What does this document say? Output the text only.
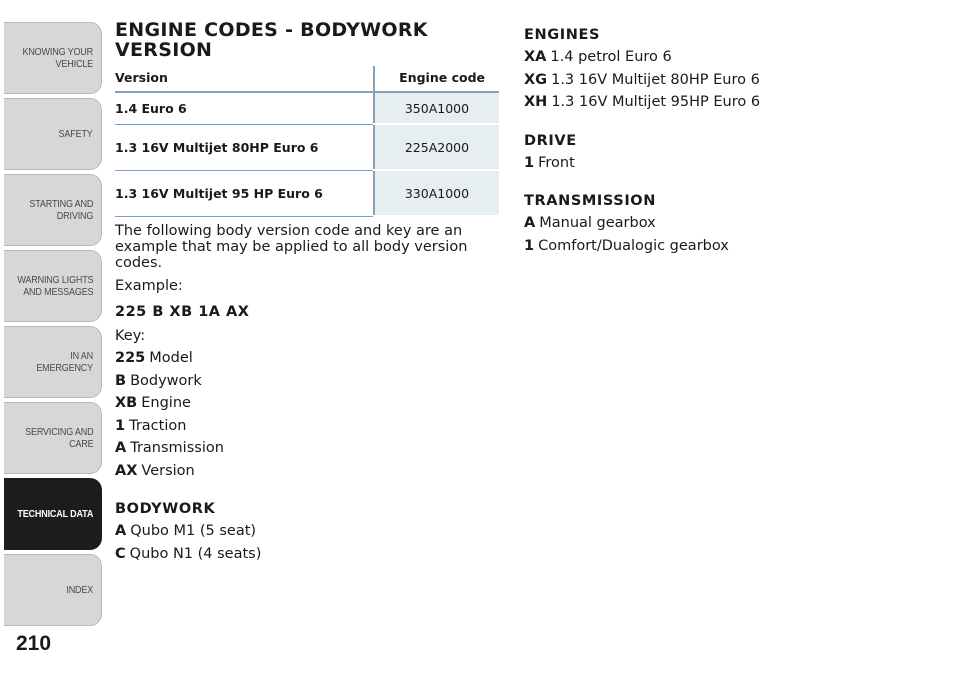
KNOWING YOUR
VEHICLE
SAFETY
STARTING AND
DRIVING
WARNING LIGHTS
AND MESSAGES
IN AN EMERGENCY
SERVICING AND
CARE
TECHNICAL DATA
INDEX
210
ENGINE CODES - BODYWORK VERSION
Version	Engine code
1.4 Euro 6	350A1000
1.3 16V Multijet 80HP Euro 6	225A2000
1.3 16V Multijet 95 HP Euro 6	330A1000

The following body version code and key are an example that may be applied to all body version codes.

Example:
225 B XB 1A AX
Key:
225 Model
B Bodywork
XB Engine
1 Traction
A Transmission
AX Version
BODYWORK
A Qubo M1 (5 seat)
C Qubo N1 (4 seats)
ENGINES
XA 1.4 petrol Euro 6
XG 1.3 16V Multijet 80HP Euro 6
XH 1.3 16V Multijet 95HP Euro 6
DRIVE
1 Front
TRANSMISSION
A Manual gearbox
1 Comfort/Dualogic gearbox
